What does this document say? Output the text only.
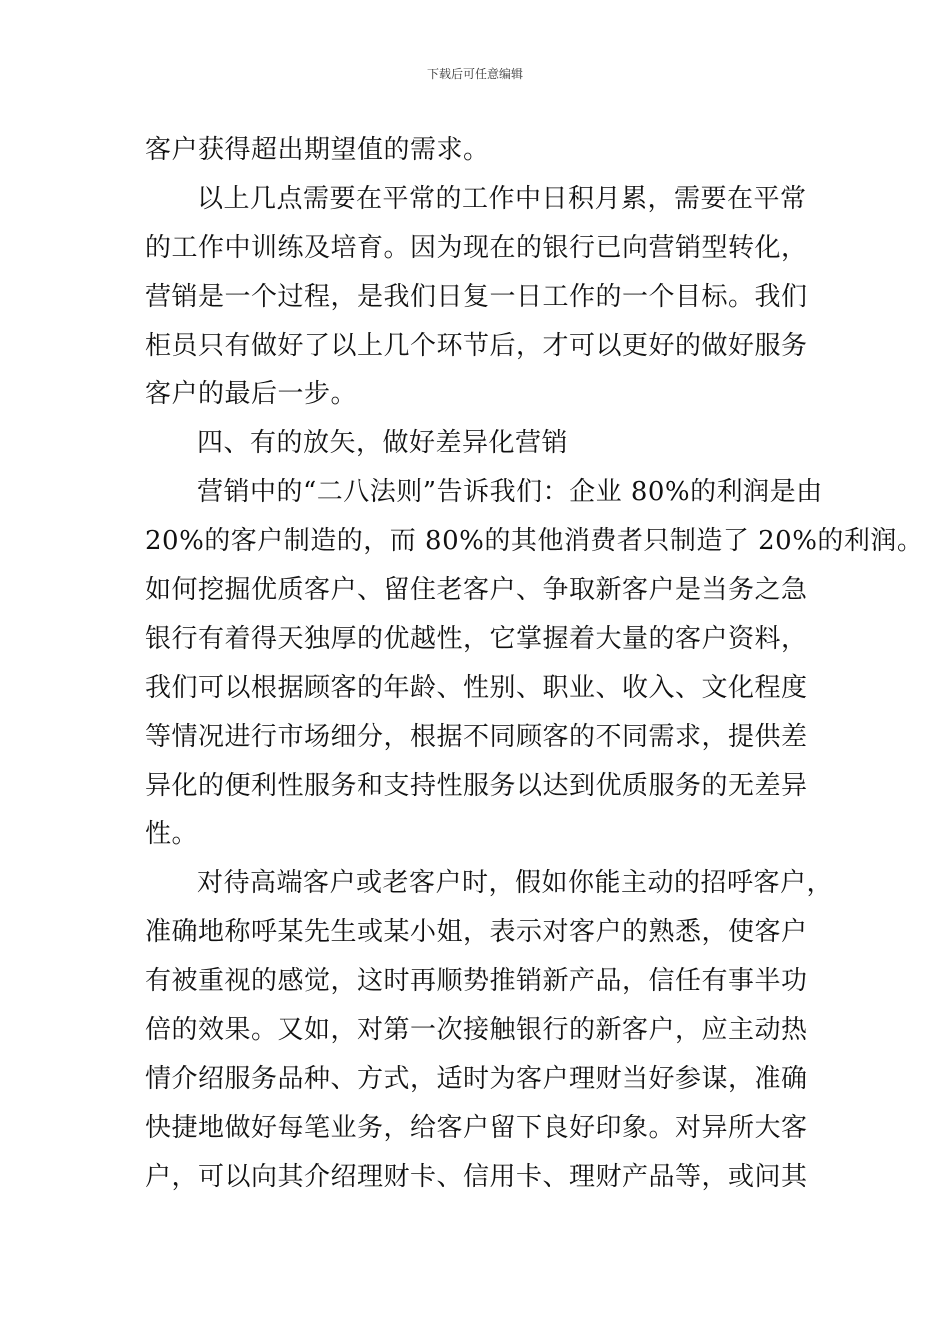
下载后可任意编辑
客户获得超出期望值的需求。
以上几点需要在平常的工作中日积月累，需要在平常
的工作中训练及培育。因为现在的银行已向营销型转化，
营销是一个过程，是我们日复一日工作的一个目标。我们
柜员只有做好了以上几个环节后，才可以更好的做好服务
客户的最后一步。
四、有的放矢，做好差异化营销
营销中的“二八法则”告诉我们：企业 80%的利润是由
20%的客户制造的，而 80%的其他消费者只制造了 20%的利润。
如何挖掘优质客户、留住老客户、争取新客户是当务之急
银行有着得天独厚的优越性，它掌握着大量的客户资料，
我们可以根据顾客的年龄、性别、职业、收入、文化程度
等情况进行市场细分，根据不同顾客的不同需求，提供差
异化的便利性服务和支持性服务以达到优质服务的无差异
性。
对待高端客户或老客户时，假如你能主动的招呼客户，
准确地称呼某先生或某小姐，表示对客户的熟悉，使客户
有被重视的感觉，这时再顺势推销新产品，信任有事半功
倍的效果。又如，对第一次接触银行的新客户，应主动热
情介绍服务品种、方式，适时为客户理财当好参谋，准确
快捷地做好每笔业务，给客户留下良好印象。对异所大客
户，可以向其介绍理财卡、信用卡、理财产品等，或问其
